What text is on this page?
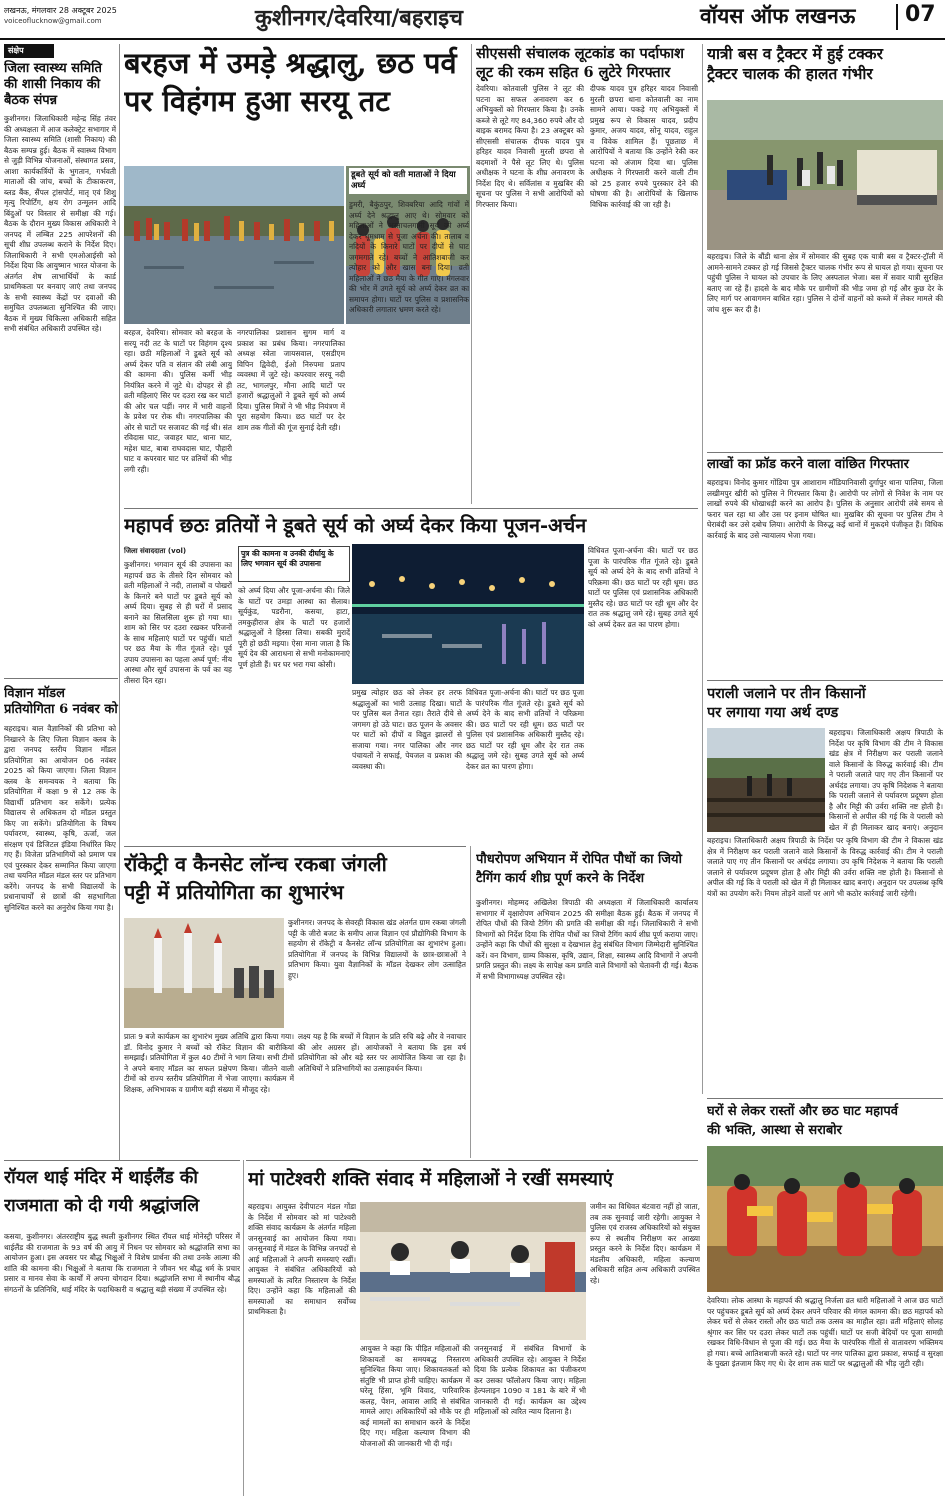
लखनऊ, मंगलवार 28 अक्टूबर 2025
voiceoflucknow@gmail.com	कुशीनगर/देवरिया/बहराइच	वॉयस ऑफ लखनऊ 07
संक्षेप
जिला स्वास्थ्य समिति की शासी निकाय की बैठक संपन्न
कुशीनगर। जिलाधिकारी महेन्द्र सिंह तंवर की अध्यक्षता में आज कलेक्ट्रेट सभागार में जिला स्वास्थ्य समिति (शासी निकाय) की बैठक सम्पन्न हुई। बैठक में स्वास्थ्य विभाग से जुड़ी विभिन्न योजनाओं, संस्थागत प्रसव, आशा कार्यकर्त्रियों के भुगतान, गर्भवती माताओं की जांच, बच्चों के टीकाकरण, ब्लड बैंक, सैंपल ट्रांसपोर्ट, मातृ एवं शिशु मृत्यु रिपोर्टिंग, क्षय रोग उन्मूलन आदि बिंदुओं पर विस्तार से समीक्षा की गई। बैठक के दौरान मुख्य विकास अधिकारी ने जनपद में लम्बित 225 आपरेशनों की सूची शीघ्र उपलब्ध कराने के निर्देश दिए। जिलाधिकारी ने सभी एमओआईसी को निर्देश दिया कि आयुष्मान भारत योजना के अंतर्गत शेष लाभार्थियों के कार्ड प्राथमिकता पर बनवाए जाएं तथा जनपद के सभी स्वास्थ्य केंद्रों पर दवाओं की समुचित उपलब्धता सुनिश्चित की जाए। बैठक में मुख्य चिकित्सा अधिकारी सहित सभी संबंधित अधिकारी उपस्थित रहे।
विज्ञान मॉडल प्रतियोगिता 6 नवंबर को
बहराइच। बाल वैज्ञानिकों की प्रतिभा को निखारने के लिए जिला विज्ञान क्लब के द्वारा जनपद स्तरीय विज्ञान मॉडल प्रतियोगिता का आयोजन 06 नवंबर 2025 को किया जाएगा। जिला विज्ञान क्लब के समन्वयक ने बताया कि प्रतियोगिता में कक्षा 9 से 12 तक के विद्यार्थी प्रतिभाग कर सकेंगे। प्रत्येक विद्यालय से अधिकतम दो मॉडल प्रस्तुत किए जा सकेंगे। प्रतियोगिता के विषय पर्यावरण, स्वास्थ्य, कृषि, ऊर्जा, जल संरक्षण एवं डिजिटल इंडिया निर्धारित किए गए हैं। विजेता प्रतिभागियों को प्रमाण पत्र एवं पुरस्कार देकर सम्मानित किया जाएगा तथा चयनित मॉडल मंडल स्तर पर प्रतिभाग करेंगे। जनपद के सभी विद्यालयों के प्रधानाचार्यों से छात्रों की सहभागिता सुनिश्चित करने का अनुरोध किया गया है।
बरहज में उमड़े श्रद्धालु, छठ पर्व
पर विहंगम हुआ सरयू तट
डूबते सूर्य को वती माताओं ने दिया अर्घ्य
बरहज, देवरिया। सोमवार को बरहज के सरयू नदी तट के घाटों पर विहंगम दृश्य रहा। छठी महिलाओं ने डूबते सूर्य को अर्घ्य देकर पति व संतान की लंबी आयु की कामना की। पुलिस कर्मी भीड़ नियंत्रित करने में जुटे थे। दोपहर से ही व्रती महिलाएं सिर पर दउरा रख कर घाटों की ओर चल पड़ीं। नगर में भारी वाहनों के प्रवेश पर रोक थी। नगरपालिका की ओर से घाटों पर सजावट की गई थी। संत रविदास घाट, जवाहर घाट, थाना घाट, महेश घाट, बाबा राघवदास घाट, पौहारी घाट व कपरवार घाट पर व्रतियों की भीड़ लगी रही।
नगरपालिका प्रशासन सुगम मार्ग व प्रकाश का प्रबंध किया। नगरपालिका अध्यक्ष स्वेता जायसवाल, एसडीएम विपिन द्विवेदी, ईओ निरुपमा प्रताप व्यवस्था में जुटे रहे। कपरवार सरयू नदी तट, भागलपुर, मौना आदि घाटों पर हजारों श्रद्धालुओं ने डूबते सूर्य को अर्घ्य दिया। पुलिस मित्रों ने भी भीड़ नियंत्रण में पूरा सहयोग किया। छठ घाटों पर देर शाम तक गीतों की गूंज सुनाई देती रही।
डुमरी, बैकुंठपुर, शिवबरिया आदि गांवों में अर्घ्य देने श्रद्धालु आए थे। सोमवार को महिलाओं ने अस्ताचलगामी सूर्य को अर्घ्य देकर धूमधाम से पूजा अर्चना की। तालाब व नदियों के किनारे घाटों पर दीपों से घाट जगमगाते रहे। बच्चों ने आतिशबाजी कर त्योहार को और खास बना दिया। व्रती महिलाओं ने छठ मैया के गीत गाए। मंगलवार की भोर में उगते सूर्य को अर्घ्य देकर व्रत का समापन होगा। घाटों पर पुलिस व प्रशासनिक अधिकारी लगातार भ्रमण करते रहे।
सीएससी संचालक लूटकांड का पर्दाफाश
लूट की रकम सहित 6 लुटेरे गिरफ्तार
देवरिया। कोतवाली पुलिस ने लूट की घटना का सफल अनावरण कर 6 अभियुक्तों को गिरफ्तार किया है। उनके कब्जे से लूटे गए 84,360 रुपये और दो बाइक बरामद किया है। 23 अक्टूबर को सीएससी संचालक दीपक यादव पुत्र हरिहर यादव निवासी मुरली छपरा से बदमाशों ने पैसे लूट लिए थे। पुलिस अधीक्षक ने घटना के शीघ्र अनावरण के निर्देश दिए थे। सर्विलांस व मुखबिर की सूचना पर पुलिस ने सभी आरोपियों को गिरफ्तार किया।
दीपक यादव पुत्र हरिहर यादव निवासी मुरली छपरा थाना कोतवाली का नाम सामने आया। पकड़े गए अभियुक्तों में प्रमुख रूप से विकास यादव, प्रदीप कुमार, अजय यादव, सोनू यादव, राहुल व विवेक शामिल हैं। पूछताछ में आरोपियों ने बताया कि उन्होंने रेकी कर घटना को अंजाम दिया था। पुलिस अधीक्षक ने गिरफ्तारी करने वाली टीम को 25 हजार रुपये पुरस्कार देने की घोषणा की है। आरोपियों के खिलाफ विधिक कार्रवाई की जा रही है।
यात्री बस व ट्रैक्टर में हुई टक्कर
ट्रैक्टर चालक की हालत गंभीर
बहराइच। जिले के बौंडी थाना क्षेत्र में सोमवार की सुबह एक यात्री बस व ट्रैक्टर-ट्रॉली में आमने-सामने टक्कर हो गई जिससे ट्रैक्टर चालक गंभीर रूप से घायल हो गया। सूचना पर पहुंची पुलिस ने घायल को उपचार के लिए अस्पताल भेजा। बस में सवार यात्री सुरक्षित बताए जा रहे हैं। हादसे के बाद मौके पर ग्रामीणों की भीड़ जमा हो गई और कुछ देर के लिए मार्ग पर आवागमन बाधित रहा। पुलिस ने दोनों वाहनों को कब्जे में लेकर मामले की जांच शुरू कर दी है।
लाखों का फ्रॉड करने वाला वांछित गिरफ्तार
बहराइच। विनोद कुमार गोंडिया पुत्र आशाराम मॉडियानिवासी दुर्गापुर थाना पालिया, जिला लखीमपुर खीरी को पुलिस ने गिरफ्तार किया है। आरोपी पर लोगों से निवेश के नाम पर लाखों रुपये की धोखाधड़ी करने का आरोप है। पुलिस के अनुसार आरोपी लंबे समय से फरार चल रहा था और उस पर इनाम घोषित था। मुखबिर की सूचना पर पुलिस टीम ने घेराबंदी कर उसे दबोच लिया। आरोपी के विरुद्ध कई थानों में मुकदमे पंजीकृत हैं। विधिक कार्रवाई के बाद उसे न्यायालय भेजा गया।
पराली जलाने पर तीन किसानों
पर लगाया गया अर्थ दण्ड
बहराइच। जिलाधिकारी अक्षय त्रिपाठी के निर्देश पर कृषि विभाग की टीम ने विकास खंड क्षेत्र में निरीक्षण कर पराली जलाने वाले किसानों के विरुद्ध कार्रवाई की। टीम ने पराली जलाते पाए गए तीन किसानों पर अर्थदंड लगाया। उप कृषि निदेशक ने बताया कि पराली जलाने से पर्यावरण प्रदूषण होता है और मिट्टी की उर्वरा शक्ति नष्ट होती है। किसानों से अपील की गई कि वे पराली को खेत में ही मिलाकर खाद बनाएं। अनुदान
बहराइच। जिलाधिकारी अक्षय त्रिपाठी के निर्देश पर कृषि विभाग की टीम ने विकास खंड क्षेत्र में निरीक्षण कर पराली जलाने वाले किसानों के विरुद्ध कार्रवाई की। टीम ने पराली जलाते पाए गए तीन किसानों पर अर्थदंड लगाया। उप कृषि निदेशक ने बताया कि पराली जलाने से पर्यावरण प्रदूषण होता है और मिट्टी की उर्वरा शक्ति नष्ट होती है। किसानों से अपील की गई कि वे पराली को खेत में ही मिलाकर खाद बनाएं। अनुदान पर उपलब्ध कृषि यंत्रों का उपयोग करें। नियम तोड़ने वालों पर आगे भी कठोर कार्रवाई जारी रहेगी।
महापर्व छठः व्रतियों ने डूबते सूर्य को अर्घ्य देकर किया पूजन-अर्चन
जिला संवाददाता (vol)
कुशीनगर। भगवान सूर्य की उपासना का महापर्व छठ के तीसरे दिन सोमवार को व्रती महिलाओं ने नदी, तालाबों व पोखरों के किनारे बने घाटों पर डूबते सूर्य को अर्घ्य दिया। सुबह से ही घरों में प्रसाद बनाने का सिलसिला शुरू हो गया था। शाम को सिर पर दउरा रखकर परिजनों के साथ महिलाएं घाटों पर पहुंचीं। घाटों पर छठ मैया के गीत गूंजते रहे। पूर्व उपाय उपासना का पहला अर्घ्य पूर्ण: नीय आस्था और सूर्य उपासना के पर्व का यह तीसरा दिन रहा।
पुत्र की कामना व उनकी दीर्घायु के लिए भगवान सूर्य की उपासना
को अर्घ्य दिया और पूजा-अर्चना की। जिले के घाटों पर उमड़ा आस्था का सैलाब। सूर्यकुंड, पडरौना, कसया, हाटा, तमकुहीराज क्षेत्र के घाटों पर हजारों श्रद्धालुओं ने हिस्सा लिया। सबकी मुरादें पूरी हो छठी मइया। ऐसा माना जाता है कि सूर्य देव की आराधना से सभी मनोकामनाएं पूर्ण होती हैं। घर घर भरा गया कोसी।
प्रमुख त्योहार छठ को लेकर हर तरफ श्रद्धालुओं का भारी उत्साह दिखा। घाटों पर पुलिस बल तैनात रहा। तैराते दीये से जगमग हो उठे घाट। छठ पूजन के अवसर पर घाटों को दीपों व विद्युत झालरों से सजाया गया। नगर पालिका और नगर पंचायतों ने सफाई, पेयजल व प्रकाश की व्यवस्था की।
विधिवत पूजा-अर्चना की। घाटों पर छठ पूजा के पारंपरिक गीत गूंजते रहे। डूबते सूर्य को अर्घ्य देने के बाद सभी व्रतियों ने परिक्रमा की। छठ घाटों पर रही धूम। छठ घाटों पर पुलिस एवं प्रशासनिक अधिकारी मुस्तैद रहे। छठ घाटों पर रही धूम और देर रात तक श्रद्धालु जमे रहे। सुबह उगते सूर्य को अर्घ्य देकर व्रत का पारण होगा।
विधिवत पूजा-अर्चना की। घाटों पर छठ पूजा के पारंपरिक गीत गूंजते रहे। डूबते सूर्य को अर्घ्य देने के बाद सभी व्रतियों ने परिक्रमा की। छठ घाटों पर रही धूम। छठ घाटों पर पुलिस एवं प्रशासनिक अधिकारी मुस्तैद रहे। छठ घाटों पर रही धूम और देर रात तक श्रद्धालु जमे रहे। सुबह उगते सूर्य को अर्घ्य देकर व्रत का पारण होगा।
रॉकेट्री व कैनसेट लॉन्च रकबा जंगली
पट्टी में प्रतियोगिता का शुभारंभ
कुशीनगर। जनपद के सेवरही विकास खंड अंतर्गत ग्राम रकबा जंगली पट्टी के जीरो बजट के समीप आज विज्ञान एवं प्रौद्योगिकी विभाग के सहयोग से रॉकेट्री व कैनसेट लॉन्च प्रतियोगिता का शुभारंभ हुआ। प्रतियोगिता में जनपद के विभिन्न विद्यालयों के छात्र-छात्राओं ने प्रतिभाग किया। युवा वैज्ञानिकों के मॉडल देखकर लोग उत्साहित हुए।
प्रातः 9 बजे कार्यक्रम का शुभारंभ मुख्य अतिथि द्वारा किया गया। डॉ. विनोद कुमार ने बच्चों को रॉकेट विज्ञान की बारीकियां समझाईं। प्रतियोगिता में कुल 40 टीमों ने भाग लिया। सभी टीमों ने अपने बनाए मॉडल का सफल प्रक्षेपण किया। जीतने वाली टीमों को राज्य स्तरीय प्रतियोगिता में भेजा जाएगा। कार्यक्रम में शिक्षक, अभिभावक व ग्रामीण बड़ी संख्या में मौजूद रहे।
लक्ष्य यह है कि बच्चों में विज्ञान के प्रति रुचि बढ़े और वे नवाचार की ओर अग्रसर हों। आयोजकों ने बताया कि इस वर्ष प्रतियोगिता को और बड़े स्तर पर आयोजित किया जा रहा है। अतिथियों ने प्रतिभागियों का उत्साहवर्धन किया।
पौधरोपण अभियान में रोपित पौधों का जियो
टैगिंग कार्य शीघ्र पूर्ण करने के निर्देश
कुशीनगर। मोहम्मद अखिलेश त्रिपाठी की अध्यक्षता में जिलाधिकारी कार्यालय सभागार में वृक्षारोपण अभियान 2025 की समीक्षा बैठक हुई। बैठक में जनपद में रोपित पौधों की जियो टैगिंग की प्रगति की समीक्षा की गई। जिलाधिकारी ने सभी विभागों को निर्देश दिया कि रोपित पौधों का जियो टैगिंग कार्य शीघ्र पूर्ण कराया जाए। उन्होंने कहा कि पौधों की सुरक्षा व देखभाल हेतु संबंधित विभाग जिम्मेदारी सुनिश्चित करें। वन विभाग, ग्राम्य विकास, कृषि, उद्यान, शिक्षा, स्वास्थ्य आदि विभागों ने अपनी प्रगति प्रस्तुत की। लक्ष्य के सापेक्ष कम प्रगति वाले विभागों को चेतावनी दी गई। बैठक में सभी विभागाध्यक्ष उपस्थित रहे।
घरों से लेकर रास्तों और छठ घाट महापर्व
की भक्ति, आस्था से सराबोर
देवरिया। लोक आस्था के महापर्व की श्रद्धालु निर्जला व्रत धारी महिलाओं ने आज छठ घाटों पर पहुंचकर डूबते सूर्य को अर्घ्य देकर अपने परिवार की मंगल कामना की। छठ महापर्व को लेकर घरों से लेकर रास्तों और छठ घाटों तक उत्सव का माहौल रहा। व्रती महिलाएं सोलह श्रृंगार कर सिर पर दउरा लेकर घाटों तक पहुंचीं। घाटों पर सजी बेदियों पर पूजा सामग्री रखकर विधि-विधान से पूजा की गई। छठ मैया के पारंपरिक गीतों से वातावरण भक्तिमय हो गया। बच्चे आतिशबाजी करते रहे। घाटों पर नगर पालिका द्वारा प्रकाश, सफाई व सुरक्षा के पुख्ता इंतजाम किए गए थे। देर शाम तक घाटों पर श्रद्धालुओं की भीड़ जुटी रही।
रॉयल थाई मंदिर में थाईलैंड की
राजमाता को दी गयी श्रद्धांजलि
कसया, कुशीनगर। अंतरराष्ट्रीय बुद्ध स्थली कुशीनगर स्थित रॉयल थाई मोनेस्ट्री परिसर में थाईलैंड की राजमाता के 93 वर्ष की आयु में निधन पर सोमवार को श्रद्धांजलि सभा का आयोजन हुआ। इस अवसर पर बौद्ध भिक्षुओं ने विशेष प्रार्थना की तथा उनके आत्मा की शांति की कामना की। भिक्षुओं ने बताया कि राजमाता ने जीवन भर बौद्ध धर्म के प्रचार प्रसार व मानव सेवा के कार्यों में अपना योगदान दिया। श्रद्धांजलि सभा में स्थानीय बौद्ध संगठनों के प्रतिनिधि, थाई मंदिर के पदाधिकारी व श्रद्धालु बड़ी संख्या में उपस्थित रहे।
मां पाटेश्वरी शक्ति संवाद में महिलाओं ने रखीं समस्याएं
बहराइच। आयुक्त देवीपाटन मंडल गोंडा के निर्देश में सोमवार को मां पाटेश्वरी शक्ति संवाद कार्यक्रम के अंतर्गत महिला जनसुनवाई का आयोजन किया गया। जनसुनवाई में मंडल के विभिन्न जनपदों से आई महिलाओं ने अपनी समस्याएं रखीं। आयुक्त ने संबंधित अधिकारियों को समस्याओं के त्वरित निस्तारण के निर्देश दिए। उन्होंने कहा कि महिलाओं की समस्याओं का समाधान सर्वोच्च प्राथमिकता है।
आयुक्त ने कहा कि पीड़ित महिलाओं की शिकायतों का समयबद्ध निस्तारण सुनिश्चित किया जाए। शिकायतकर्ता को संतुष्टि भी प्राप्त होनी चाहिए। कार्यक्रम में घरेलू हिंसा, भूमि विवाद, पारिवारिक कलह, पेंशन, आवास आदि से संबंधित मामले आए। अधिकारियों को मौके पर ही कई मामलों का समाधान करने के निर्देश दिए गए। महिला कल्याण विभाग की योजनाओं की जानकारी भी दी गई।
जनसुनवाई में संबंधित विभागों के अधिकारी उपस्थित रहे। आयुक्त ने निर्देश दिया कि प्रत्येक शिकायत का पंजीकरण कर उसका फॉलोअप किया जाए। महिला हेल्पलाइन 1090 व 181 के बारे में भी जानकारी दी गई। कार्यक्रम का उद्देश्य महिलाओं को त्वरित न्याय दिलाना है।
जमीन का विधिवत बंटवारा नहीं हो जाता, तब तक सुनवाई जारी रहेगी। आयुक्त ने पुलिस एवं राजस्व अधिकारियों को संयुक्त रूप से स्थलीय निरीक्षण कर आख्या प्रस्तुत करने के निर्देश दिए। कार्यक्रम में मंडलीय अधिकारी, महिला कल्याण अधिकारी सहित अन्य अधिकारी उपस्थित रहे।
